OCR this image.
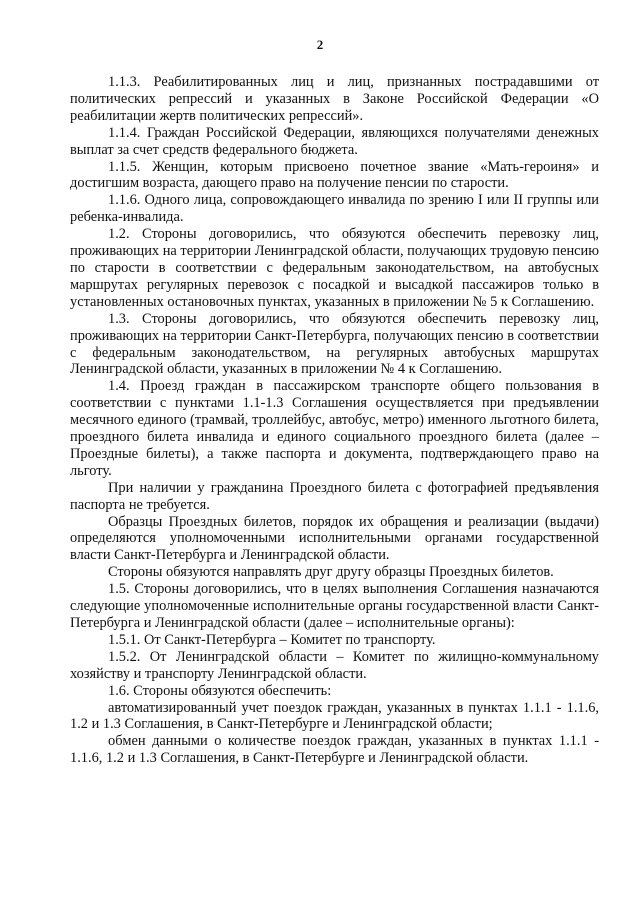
2

1.1.3. Реабилитированных лиц и лиц, признанных пострадавшими от политических репрессий и указанных в Законе Российской Федерации «О реабилитации жертв политических репрессий».

1.1.4. Граждан Российской Федерации, являющихся получателями денежных выплат за счет средств федерального бюджета.

1.1.5. Женщин, которым присвоено почетное звание «Мать-героиня» и достигшим возраста, дающего право на получение пенсии по старости.

1.1.6. Одного лица, сопровождающего инвалида по зрению I или II группы или ребенка-инвалида.

1.2. Стороны договорились, что обязуются обеспечить перевозку лиц, проживающих на территории Ленинградской области, получающих трудовую пенсию по старости в соответствии с федеральным законодательством, на автобусных маршрутах регулярных перевозок с посадкой и высадкой пассажиров только в установленных остановочных пунктах, указанных в приложении № 5 к Соглашению.

1.3. Стороны договорились, что обязуются обеспечить перевозку лиц, проживающих на территории Санкт-Петербурга, получающих пенсию в соответствии с федеральным законодательством, на регулярных автобусных маршрутах Ленинградской области, указанных в приложении № 4 к Соглашению.

1.4. Проезд граждан в пассажирском транспорте общего пользования в соответствии с пунктами 1.1-1.3 Соглашения осуществляется при предъявлении месячного единого (трамвай, троллейбус, автобус, метро) именного льготного билета, проездного билета инвалида и единого социального проездного билета (далее – Проездные билеты), а также паспорта и документа, подтверждающего право на льготу.

При наличии у гражданина Проездного билета с фотографией предъявления паспорта не требуется.

Образцы Проездных билетов, порядок их обращения и реализации (выдачи) определяются уполномоченными исполнительными органами государственной власти Санкт-Петербурга и Ленинградской области.

Стороны обязуются направлять друг другу образцы Проездных билетов.

1.5. Стороны договорились, что в целях выполнения Соглашения назначаются следующие уполномоченные исполнительные органы государственной власти Санкт-Петербурга и Ленинградской области (далее – исполнительные органы):

1.5.1. От Санкт-Петербурга – Комитет по транспорту.

1.5.2. От Ленинградской области – Комитет по жилищно-коммунальному хозяйству и транспорту Ленинградской области.

1.6. Стороны обязуются обеспечить:

автоматизированный учет поездок граждан, указанных в пунктах 1.1.1 - 1.1.6, 1.2 и 1.3 Соглашения, в Санкт-Петербурге и Ленинградской области;

обмен данными о количестве поездок граждан, указанных в пунктах 1.1.1 - 1.1.6, 1.2 и 1.3 Соглашения, в Санкт-Петербурге и Ленинградской области.
